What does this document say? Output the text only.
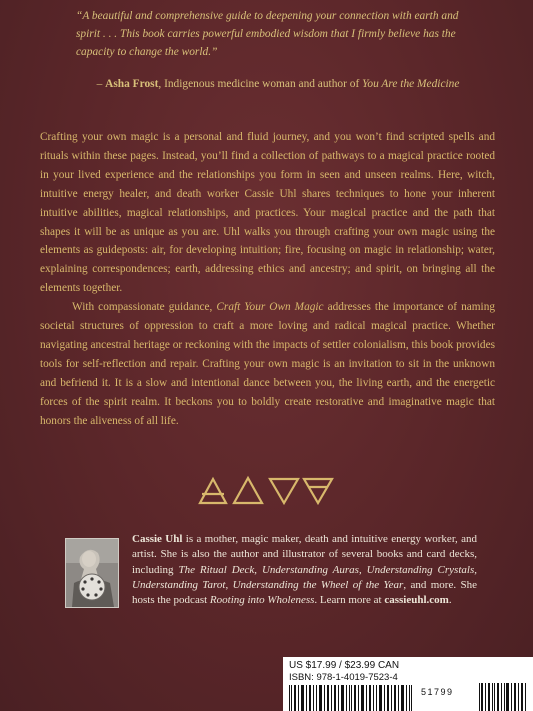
“A beautiful and comprehensive guide to deepening your connection with earth and spirit . . . This book carries powerful embodied wisdom that I firmly believe has the capacity to change the world.”
– Asha Frost, Indigenous medicine woman and author of You Are the Medicine

Crafting your own magic is a personal and fluid journey, and you won’t find scripted spells and rituals within these pages. Instead, you’ll find a collection of pathways to a magical practice rooted in your lived experience and the relationships you form in seen and unseen realms. Here, witch, intuitive energy healer, and death worker Cassie Uhl shares techniques to hone your inherent intuitive abilities, magical relationships, and practices. Your magical practice and the path that shapes it will be as unique as you are. Uhl walks you through crafting your own magic using the elements as guideposts: air, for developing intuition; fire, focusing on magic in relationship; water, explaining correspondences; earth, addressing ethics and ancestry; and spirit, on bringing all the elements together.

With compassionate guidance, Craft Your Own Magic addresses the importance of naming societal structures of oppression to craft a more loving and radical magical practice. Whether navigating ancestral heritage or reckoning with the impacts of settler colonialism, this book provides tools for self-reflection and repair. Crafting your own magic is an invitation to sit in the unknown and befriend it. It is a slow and intentional dance between you, the living earth, and the energetic forces of the spirit realm. It beckons you to boldly create restorative and imaginative magic that honors the aliveness of all life.

Cassie Uhl is a mother, magic maker, death and intuitive energy worker, and artist. She is also the author and illustrator of several books and card decks, including The Ritual Deck, Understanding Auras, Understanding Crystals, Understanding Tarot, Understanding the Wheel of the Year, and more. She hosts the podcast Rooting into Wholeness. Learn more at cassieuhl.com.
US $17.99 / $23.99 CAN
ISBN: 978-1-4019-7523-4
51799
